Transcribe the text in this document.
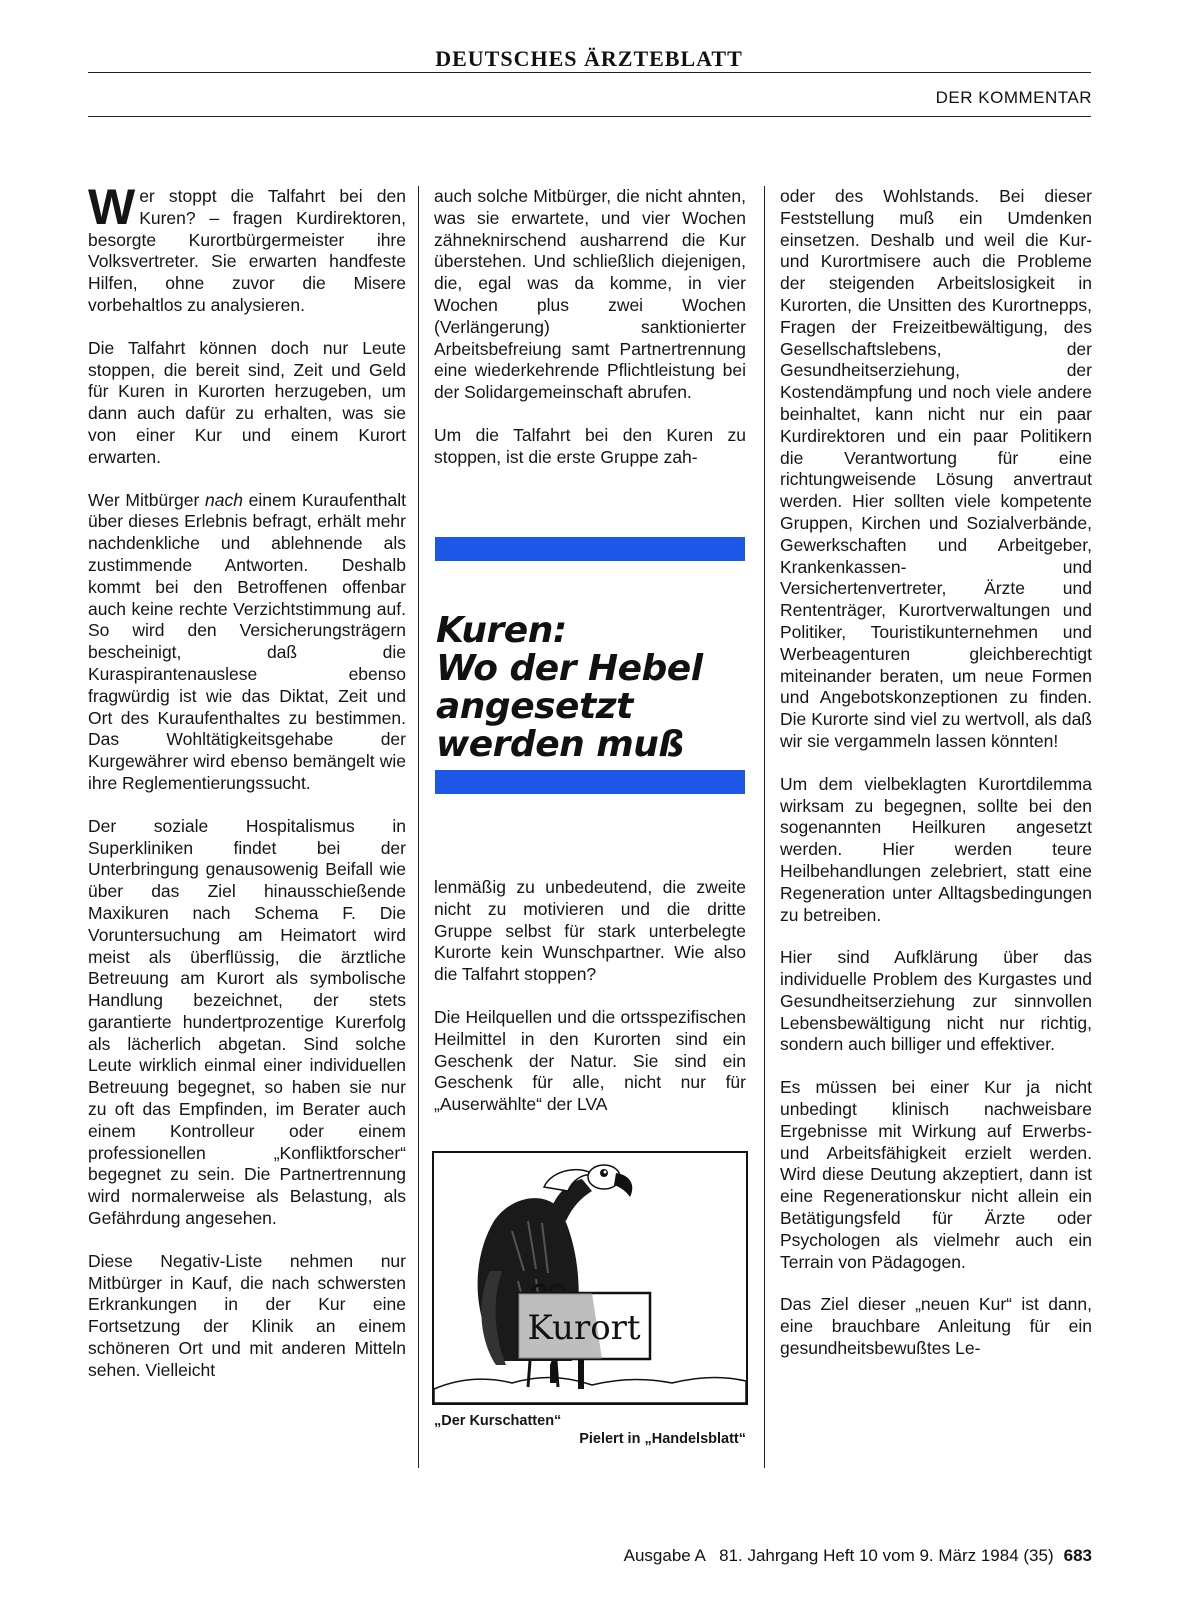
DEUTSCHES ÄRZTEBLATT
DER KOMMENTAR

Wer stoppt die Talfahrt bei den Kuren? – fragen Kurdirektoren, besorgte Kurortbürgermeister ihre Volksvertreter. Sie erwarten handfeste Hilfen, ohne zuvor die Misere vorbehaltlos zu analysieren.

Die Talfahrt können doch nur Leute stoppen, die bereit sind, Zeit und Geld für Kuren in Kurorten herzugeben, um dann auch dafür zu erhalten, was sie von einer Kur und einem Kurort erwarten.

Wer Mitbürger nach einem Kuraufenthalt über dieses Erlebnis befragt, erhält mehr nachdenkliche und ablehnende als zustimmende Antworten. Deshalb kommt bei den Betroffenen offenbar auch keine rechte Verzichtstimmung auf. So wird den Versicherungsträgern bescheinigt, daß die Kuraspirantenauslese ebenso fragwürdig ist wie das Diktat, Zeit und Ort des Kuraufenthaltes zu bestimmen. Das Wohltätigkeitsgehabe der Kurgewährer wird ebenso bemängelt wie ihre Reglementierungssucht.

Der soziale Hospitalismus in Superkliniken findet bei der Unterbringung genausowenig Beifall wie über das Ziel hinausschießende Maxikuren nach Schema F. Die Voruntersuchung am Heimatort wird meist als überflüssig, die ärztliche Betreuung am Kurort als symbolische Handlung bezeichnet, der stets garantierte hundertprozentige Kurerfolg als lächerlich abgetan. Sind solche Leute wirklich einmal einer individuellen Betreuung begegnet, so haben sie nur zu oft das Empfinden, im Berater auch einem Kontrolleur oder einem professionellen „Konfliktforscher“ begegnet zu sein. Die Partnertrennung wird normalerweise als Belastung, als Gefährdung angesehen.

Diese Negativ-Liste nehmen nur Mitbürger in Kauf, die nach schwersten Erkrankungen in der Kur eine Fortsetzung der Klinik an einem schöneren Ort und mit anderen Mitteln sehen. Vielleicht

auch solche Mitbürger, die nicht ahnten, was sie erwartete, und vier Wochen zähneknirschend ausharrend die Kur überstehen. Und schließlich diejenigen, die, egal was da komme, in vier Wochen plus zwei Wochen (Verlängerung) sanktionierter Arbeitsbefreiung samt Partnertrennung eine wiederkehrende Pflichtleistung bei der Solidargemeinschaft abrufen.

Um die Talfahrt bei den Kuren zu stoppen, ist die erste Gruppe zah-

Kuren:
Wo der Hebel
angesetzt
werden muß

lenmäßig zu unbedeutend, die zweite nicht zu motivieren und die dritte Gruppe selbst für stark unterbelegte Kurorte kein Wunschpartner. Wie also die Talfahrt stoppen?

Die Heilquellen und die ortsspezifischen Heilmittel in den Kurorten sind ein Geschenk der Natur. Sie sind ein Geschenk für alle, nicht nur für „Auserwählte“ der LVA

Kurort
„Der Kurschatten“
Pielert in „Handelsblatt“

oder des Wohlstands. Bei dieser Feststellung muß ein Umdenken einsetzen. Deshalb und weil die Kur- und Kurortmisere auch die Probleme der steigenden Arbeitslosigkeit in Kurorten, die Unsitten des Kurortnepps, Fragen der Freizeitbewältigung, des Gesellschaftslebens, der Gesundheitserziehung, der Kostendämpfung und noch viele andere beinhaltet, kann nicht nur ein paar Kurdirektoren und ein paar Politikern die Verantwortung für eine richtungweisende Lösung anvertraut werden. Hier sollten viele kompetente Gruppen, Kirchen und Sozialverbände, Gewerkschaften und Arbeitgeber, Krankenkassen- und Versichertenvertreter, Ärzte und Rententräger, Kurortverwaltungen und Politiker, Touristikunternehmen und Werbeagenturen gleichberechtigt miteinander beraten, um neue Formen und Angebotskonzeptionen zu finden. Die Kurorte sind viel zu wertvoll, als daß wir sie vergammeln lassen könnten!

Um dem vielbeklagten Kurortdilemma wirksam zu begegnen, sollte bei den sogenannten Heilkuren angesetzt werden. Hier werden teure Heilbehandlungen zelebriert, statt eine Regeneration unter Alltagsbedingungen zu betreiben.

Hier sind Aufklärung über das individuelle Problem des Kurgastes und Gesundheitserziehung zur sinnvollen Lebensbewältigung nicht nur richtig, sondern auch billiger und effektiver.

Es müssen bei einer Kur ja nicht unbedingt klinisch nachweisbare Ergebnisse mit Wirkung auf Erwerbs- und Arbeitsfähigkeit erzielt werden. Wird diese Deutung akzeptiert, dann ist eine Regenerationskur nicht allein ein Betätigungsfeld für Ärzte oder Psychologen als vielmehr auch ein Terrain von Pädagogen.

Das Ziel dieser „neuen Kur“ ist dann, eine brauchbare Anleitung für ein gesundheitsbewußtes Le-

Ausgabe A   81. Jahrgang Heft 10 vom 9. März 1984 (35) 683
